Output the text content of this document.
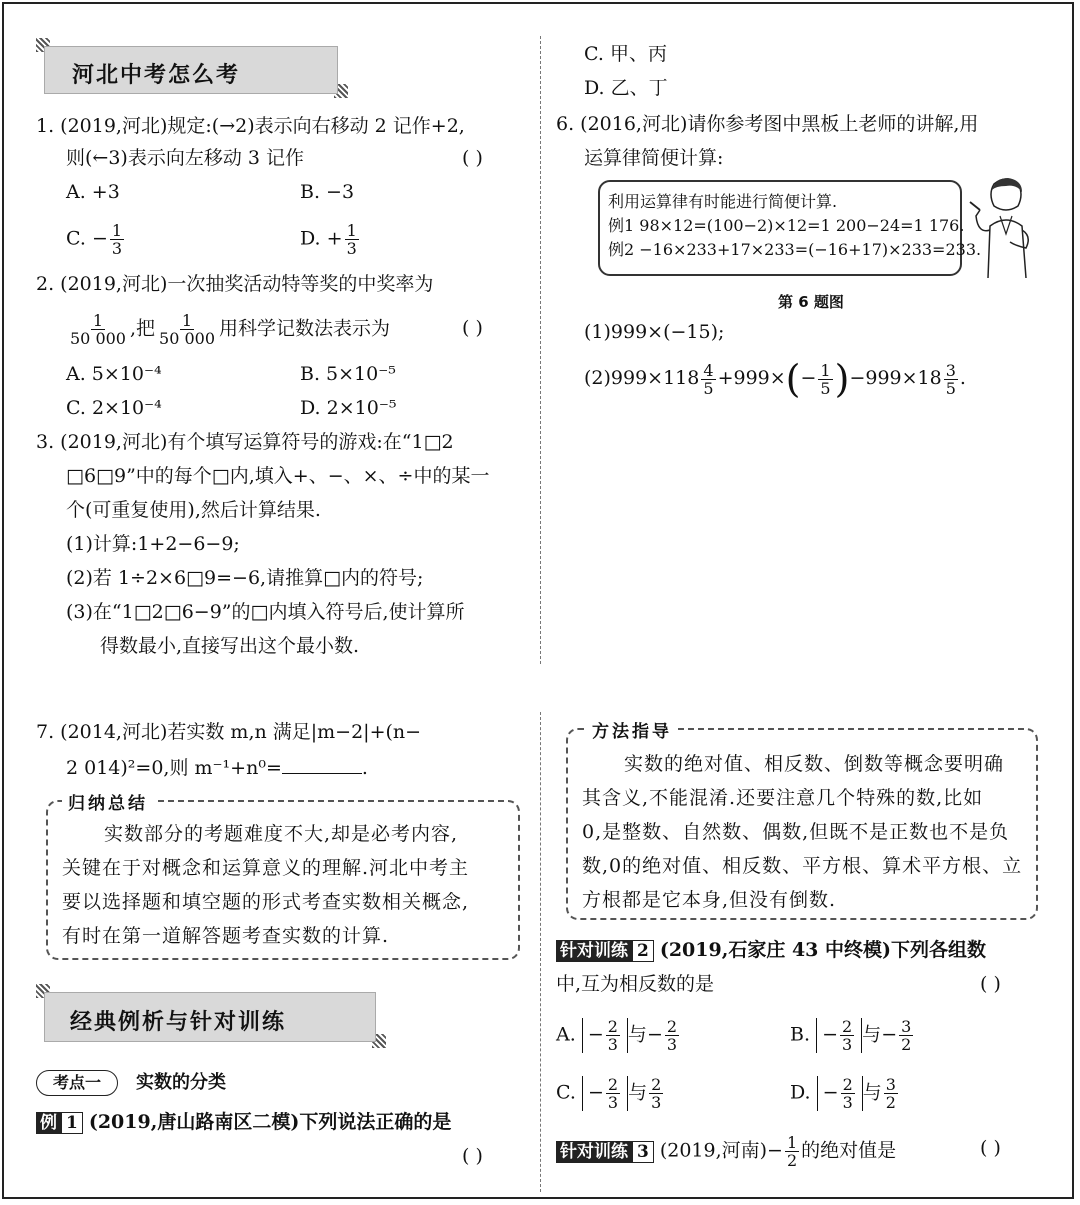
河北中考怎么考
1. (2019,河北)规定:(→2)表示向右移动 2 记作+2,
则(←3)表示向左移动 3 记作	( )
A. +3	B. −3
C. − $\frac{1}{3}$	D. + $\frac{1}{3}$
2. (2019,河北)一次抽奖活动特等奖的中奖率为
$\frac{1}{50 000}$ ,把 $\frac{1}{50 000}$ 用科学记数法表示为	( )
A. 5×10⁻⁴	B. 5×10⁻⁵
C. 2×10⁻⁴	D. 2×10⁻⁵
3. (2019,河北)有个填写运算符号的游戏:在“1□2
□6□9”中的每个□内,填入+、−、×、÷中的某一
个(可重复使用),然后计算结果.
(1)计算:1+2−6−9;
(2)若 1÷2×6□9=−6,请推算□内的符号;
(3)在“1□2□6−9”的□内填入符号后,使计算所
得数最小,直接写出这个最小数.
C. 甲、丙
D. 乙、丁
6. (2016,河北)请你参考图中黑板上老师的讲解,用
运算律简便计算:
利用运算律有时能进行简便计算.
例1 98×12=(100−2)×12=1 200−24=1 176.
例2 −16×233+17×233=(−16+17)×233=233.
第 6 题图
(1)999×(−15);
$(2)999\times 118 \frac{4}{5} +999\times(- \frac{1}{5} )-999\times 18 \frac{3}{5}$ .
7. (2014,河北)若实数 m,n 满足|m−2|+(n−
2 014)²=0,则 m⁻¹+n⁰=	.
归纳总结
实数部分的考题难度不大,却是必考内容,
关键在于对概念和运算意义的理解.河北中考主
要以选择题和填空题的形式考查实数相关概念,
有时在第一道解答题考查实数的计算.
方法指导
实数的绝对值、相反数、倒数等概念要明确
其含义,不能混淆.还要注意几个特殊的数,比如
0,是整数、自然数、偶数,但既不是正数也不是负
数,0的绝对值、相反数、平方根、算术平方根、立
方根都是它本身,但没有倒数.
经典例析与针对训练
考点一	实数的分类
例 1 (2019,唐山路南区二模)下列说法正确的是
( )
针对训练 2 (2019,石家庄 43 中终模)下列各组数
中,互为相反数的是	( )
A. − $\frac{2}{3}$ 与− $\frac{2}{3}$	B. − $\frac{2}{3}$ 与− $\frac{3}{2}$
C. − $\frac{2}{3}$ 与 $\frac{2}{3}$	D. − $\frac{2}{3}$ 与 $\frac{3}{2}$
针对训练 3 (2019,河南)− $\frac{1}{2}$ 的绝对值是	( )
